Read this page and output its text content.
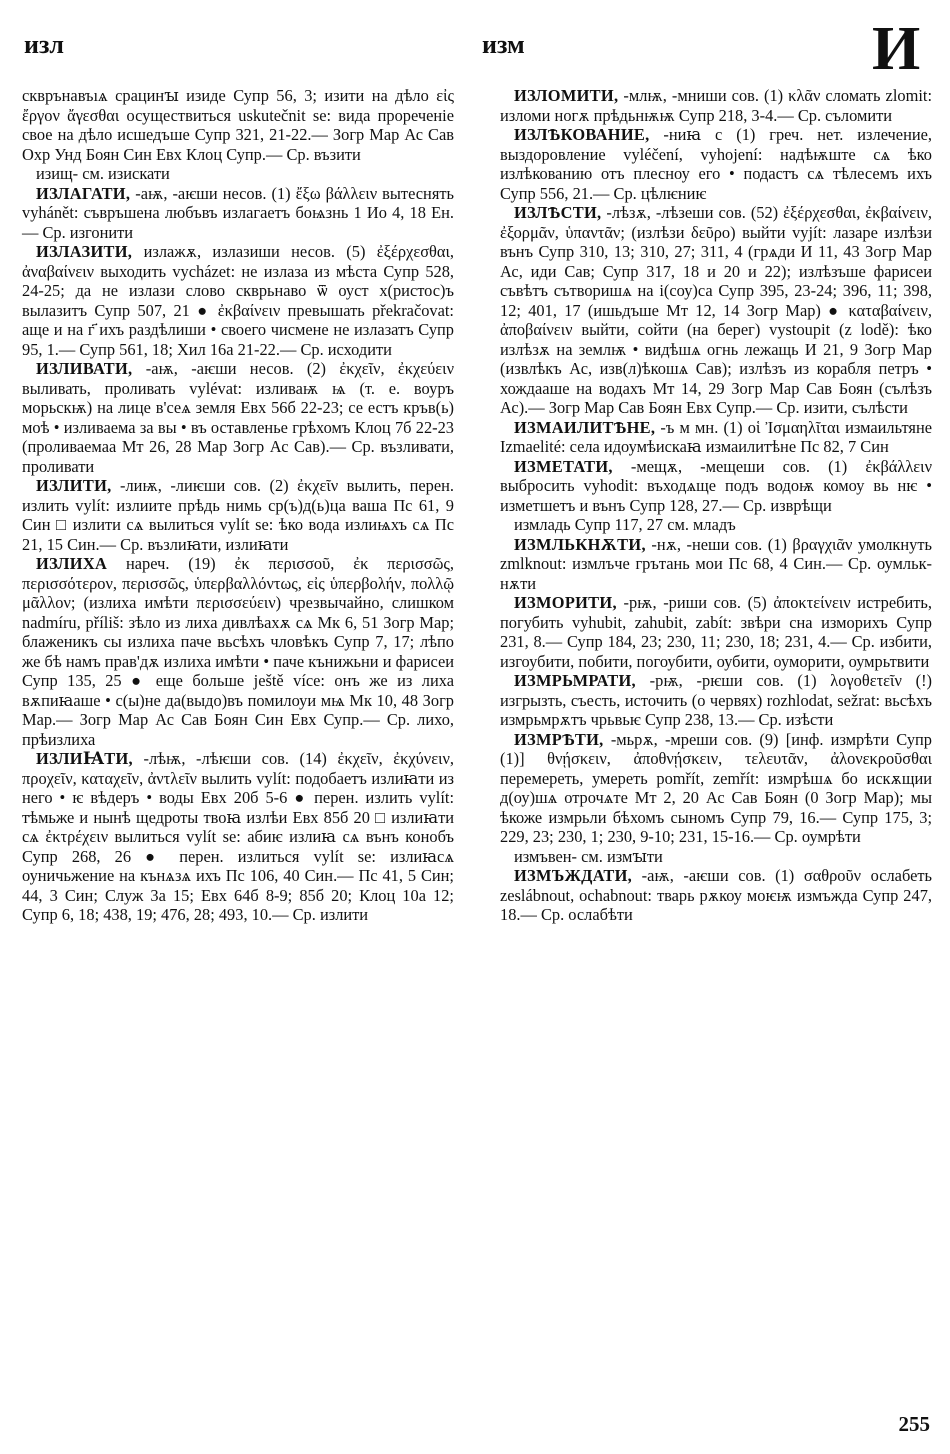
изл	изм	И

скврънавъıѧ срацинꙑ изиде Супр 56, 3; изити на дѣло εἰς ἔργον ἄγεσθαι осуществиться uskutečnit se: вида прореченіе свое на дѣло исшедъше Супр 321, 21-22.— Зогр Мар Ас Сав Охр Унд Боян Син Евх Клоц Супр.— Ср. възити

изищ- см. изискати

ИЗЛАГАТИ, -аѭ, -аѥши несов. (1) ἔξω βάλλειν вытеснять vyhánět: съвръшена любъвъ излагаетъ боѩзнь 1 Ио 4, 18 Ен.— Ср. изгонити

ИЗЛАЗИТИ, излажѫ, излазиши несов. (5) ἐξέρχεσθαι, ἀναβαίνειν выходить vycházet: не излаза из мѣста Супр 528, 24-25; да не излази слово скврьнаво ѿ оуст х(ристос)ъ вылазитъ Супр 507, 21 ● ἐκβαίνειν превышать překračovat: аще и на г҃ ихъ раздѣлиши • своего чисмене не излазатъ Супр 95, 1.— Супр 561, 18; Хил 16а 21-22.— Ср. исходити

ИЗЛИВАТИ, -аѭ, -аѥши несов. (2) ἐκχεῖν, ἐκχεύειν выливать, проливать vylévat: изливаѭ ѩ (т. е. воуръ морьскѭ) на лице в'сеѧ земля Евх 56б 22-23; се естъ кръв(ь) моѣ • изливаема за вы • въ оставленье грѣхомъ Клоц 7б 22-23 (проливаемаа Мт 26, 28 Мар Зогр Ас Сав).— Ср. възливати, проливати

ИЗЛИТИ, -лиѭ, -лиѥши сов. (2) ἐκχεῖν вылить, перен. излить vylít: излиите прѣдь нимь ср(ъ)д(ь)ца ваша Пс 61, 9 Син □ излити сѧ вылиться vylít se: ѣко вода излиѩхъ сѧ Пс 21, 15 Син.— Ср. възлиꙗти, излиꙗти

ИЗЛИХА нареч. (19) ἐκ περισσοῦ, ἐκ περισσῶς, περισσότερον, περισσῶς, ὑπερβαλλόντως, εἰς ὑπερβολήν, πολλῷ μᾶλλον; (излиха имѣти περισσεύειν) чрезвычайно, слишком nadmíru, příliš: зѣло из лиха дивлѣахѫ сѧ Мк 6, 51 Зогр Мар; блаженикъ сы излиха паче вьсѣхъ чловѣкъ Супр 7, 17; лѣпо же бѣ намъ прав'дѫ излиха имѣти • паче кънижьни и фарисеи Супр 135, 25 ● еще больше ještě více: онъ же из лиха вѫпиꙗаше • с(ы)не да(выдо)въ помилоуи мѩ Мк 10, 48 Зогр Мар.— Зогр Мар Ас Сав Боян Син Евх Супр.— Ср. лихо, прѣизлиха

ИЗЛИꙖТИ, -лѣѭ, -лѣѥши сов. (14) ἐκχεῖν, ἐκχύνειν, προχεῖν, καταχεῖν, ἀντλεῖν вылить vylít: подобаетъ излиꙗти из него • ѥ вѣдеръ • воды Евх 20б 5-6 ● перен. излить vylít: тѣмьже и нынѣ щедроты твоꙗ излѣи Евх 85б 20 □ излиꙗти сѧ ἐκτρέχειν вылиться vylít se: абиѥ излиꙗ сѧ вънъ конобъ Супр 268, 26 ● перен. излиться vylít se: излиꙗсѧ оуничьжение на кънѧзѧ ихъ Пс 106, 40 Син.— Пс 41, 5 Син; 44, 3 Син; Служ 3а 15; Евх 64б 8-9; 85б 20; Клоц 10а 12; Супр 6, 18; 438, 19; 476, 28; 493, 10.— Ср. излити

ИЗЛОМИТИ, -млѭ, -мниши сов. (1) κλᾶν сломать zlomit: изломи ногѫ прѣдьнѭѭ Супр 218, 3-4.— Ср. съломити

ИЗЛѢКОВАНИЕ, -ниꙗ с (1) греч. нет. излечение, выздоровление vyléčení, vyhojení: надѣѭште сѧ ѣко излѣкованию отъ плесноу его • подастъ сѧ тѣлесемъ ихъ Супр 556, 21.— Ср. цѣлѥниѥ

ИЗЛѢСТИ, -лѣзѫ, -лѣзеши сов. (52) ἐξέρχεσθαι, ἐκβαίνειν, ἐξορμᾶν, ὑπαντᾶν; (излѣзи δεῦρο) выйти vyjít: лазаре излѣзи вънъ Супр 310, 13; 310, 27; 311, 4 (грѧди И 11, 43 Зогр Мар Ас, иди Сав; Супр 317, 18 и 20 и 22); излѣзъше фарисеи съвѣтъ сътворишѧ на і(соу)са Супр 395, 23-24; 396, 11; 398, 12; 401, 17 (ишьдъше Мт 12, 14 Зогр Мар) ● καταβαίνειν, ἀποβαίνειν выйти, сойти (на берег) vystoupit (z lodě): ѣко излѣзѫ на землѭ • видѣшѧ огнь лежащь И 21, 9 Зогр Мар (извлѣкъ Ас, изв(л)ѣкошѧ Сав); излѣзъ из корабля петръ • хождааше на водахъ Мт 14, 29 Зогр Мар Сав Боян (сълѣзъ Ас).— Зогр Мар Сав Боян Евх Супр.— Ср. изити, сълѣсти

ИЗМАИЛИТѢНЕ, -ъ м мн. (1) οἱ Ἰσμαηλῖται измаильтяне Izmaelité: села идоумѣискаꙗ измаилитѣне Пс 82, 7 Син

ИЗМЕТАТИ, -мещѫ, -мещеши сов. (1) ἐκβάλλειν выбросить vyhodit: въходѧще подъ водоѭ комоу вь нѥ • изметшетъ и вънъ Супр 128, 27.— Ср. изврѣщи

измладь Супр 117, 27 см. младъ

ИЗМЛЬКНѪТИ, -нѫ, -неши сов. (1) βραγχιᾶν умолкнуть zmlknout: измлъче грътань мои Пс 68, 4 Син.— Ср. оумлькнѫти

ИЗМОРИТИ, -рѭ, -риши сов. (5) ἀποκτείνειν истребить, погубить vyhubit, zahubit, zabít: звѣри сна изморихъ Супр 231, 8.— Супр 184, 23; 230, 11; 230, 18; 231, 4.— Ср. избити, изгоубити, побити, погоубити, оубити, оуморити, оумрьтвити

ИЗМРЬМРАТИ, -рѭ, -рѥши сов. (1) λογοθετεῖν (!) изгрызть, съесть, источить (о червях) rozhlodat, sežrat: вьсѣхъ измрьмрѫтъ чрьвьѥ Супр 238, 13.— Ср. изѣсти

ИЗМРѢТИ, -мьрѫ, -мреши сов. (9) [инф. измрѣти Супр (1)] θνῄσκειν, ἀποθνῄσκειν, τελευτᾶν, ἀλονεκροῦσθαι перемереть, умереть pomřít, zemřít: измрѣшѧ бо искѫщии д(оу)шѧ отрочѧте Мт 2, 20 Ас Сав Боян (0 Зогр Мар); мы ѣкоже измрьли бѣхомъ сыномъ Супр 79, 16.— Супр 175, 3; 229, 23; 230, 1; 230, 9-10; 231, 15-16.— Ср. оумрѣти

измъвен- см. измꙑти

ИЗМЪЖДАТИ, -аѭ, -аѥши сов. (1) σαθροῦν ослабеть zeslábnout, ochabnout: тварь рѫкоу моѥѭ измъжда Супр 247, 18.— Ср. ослабѣти

255
